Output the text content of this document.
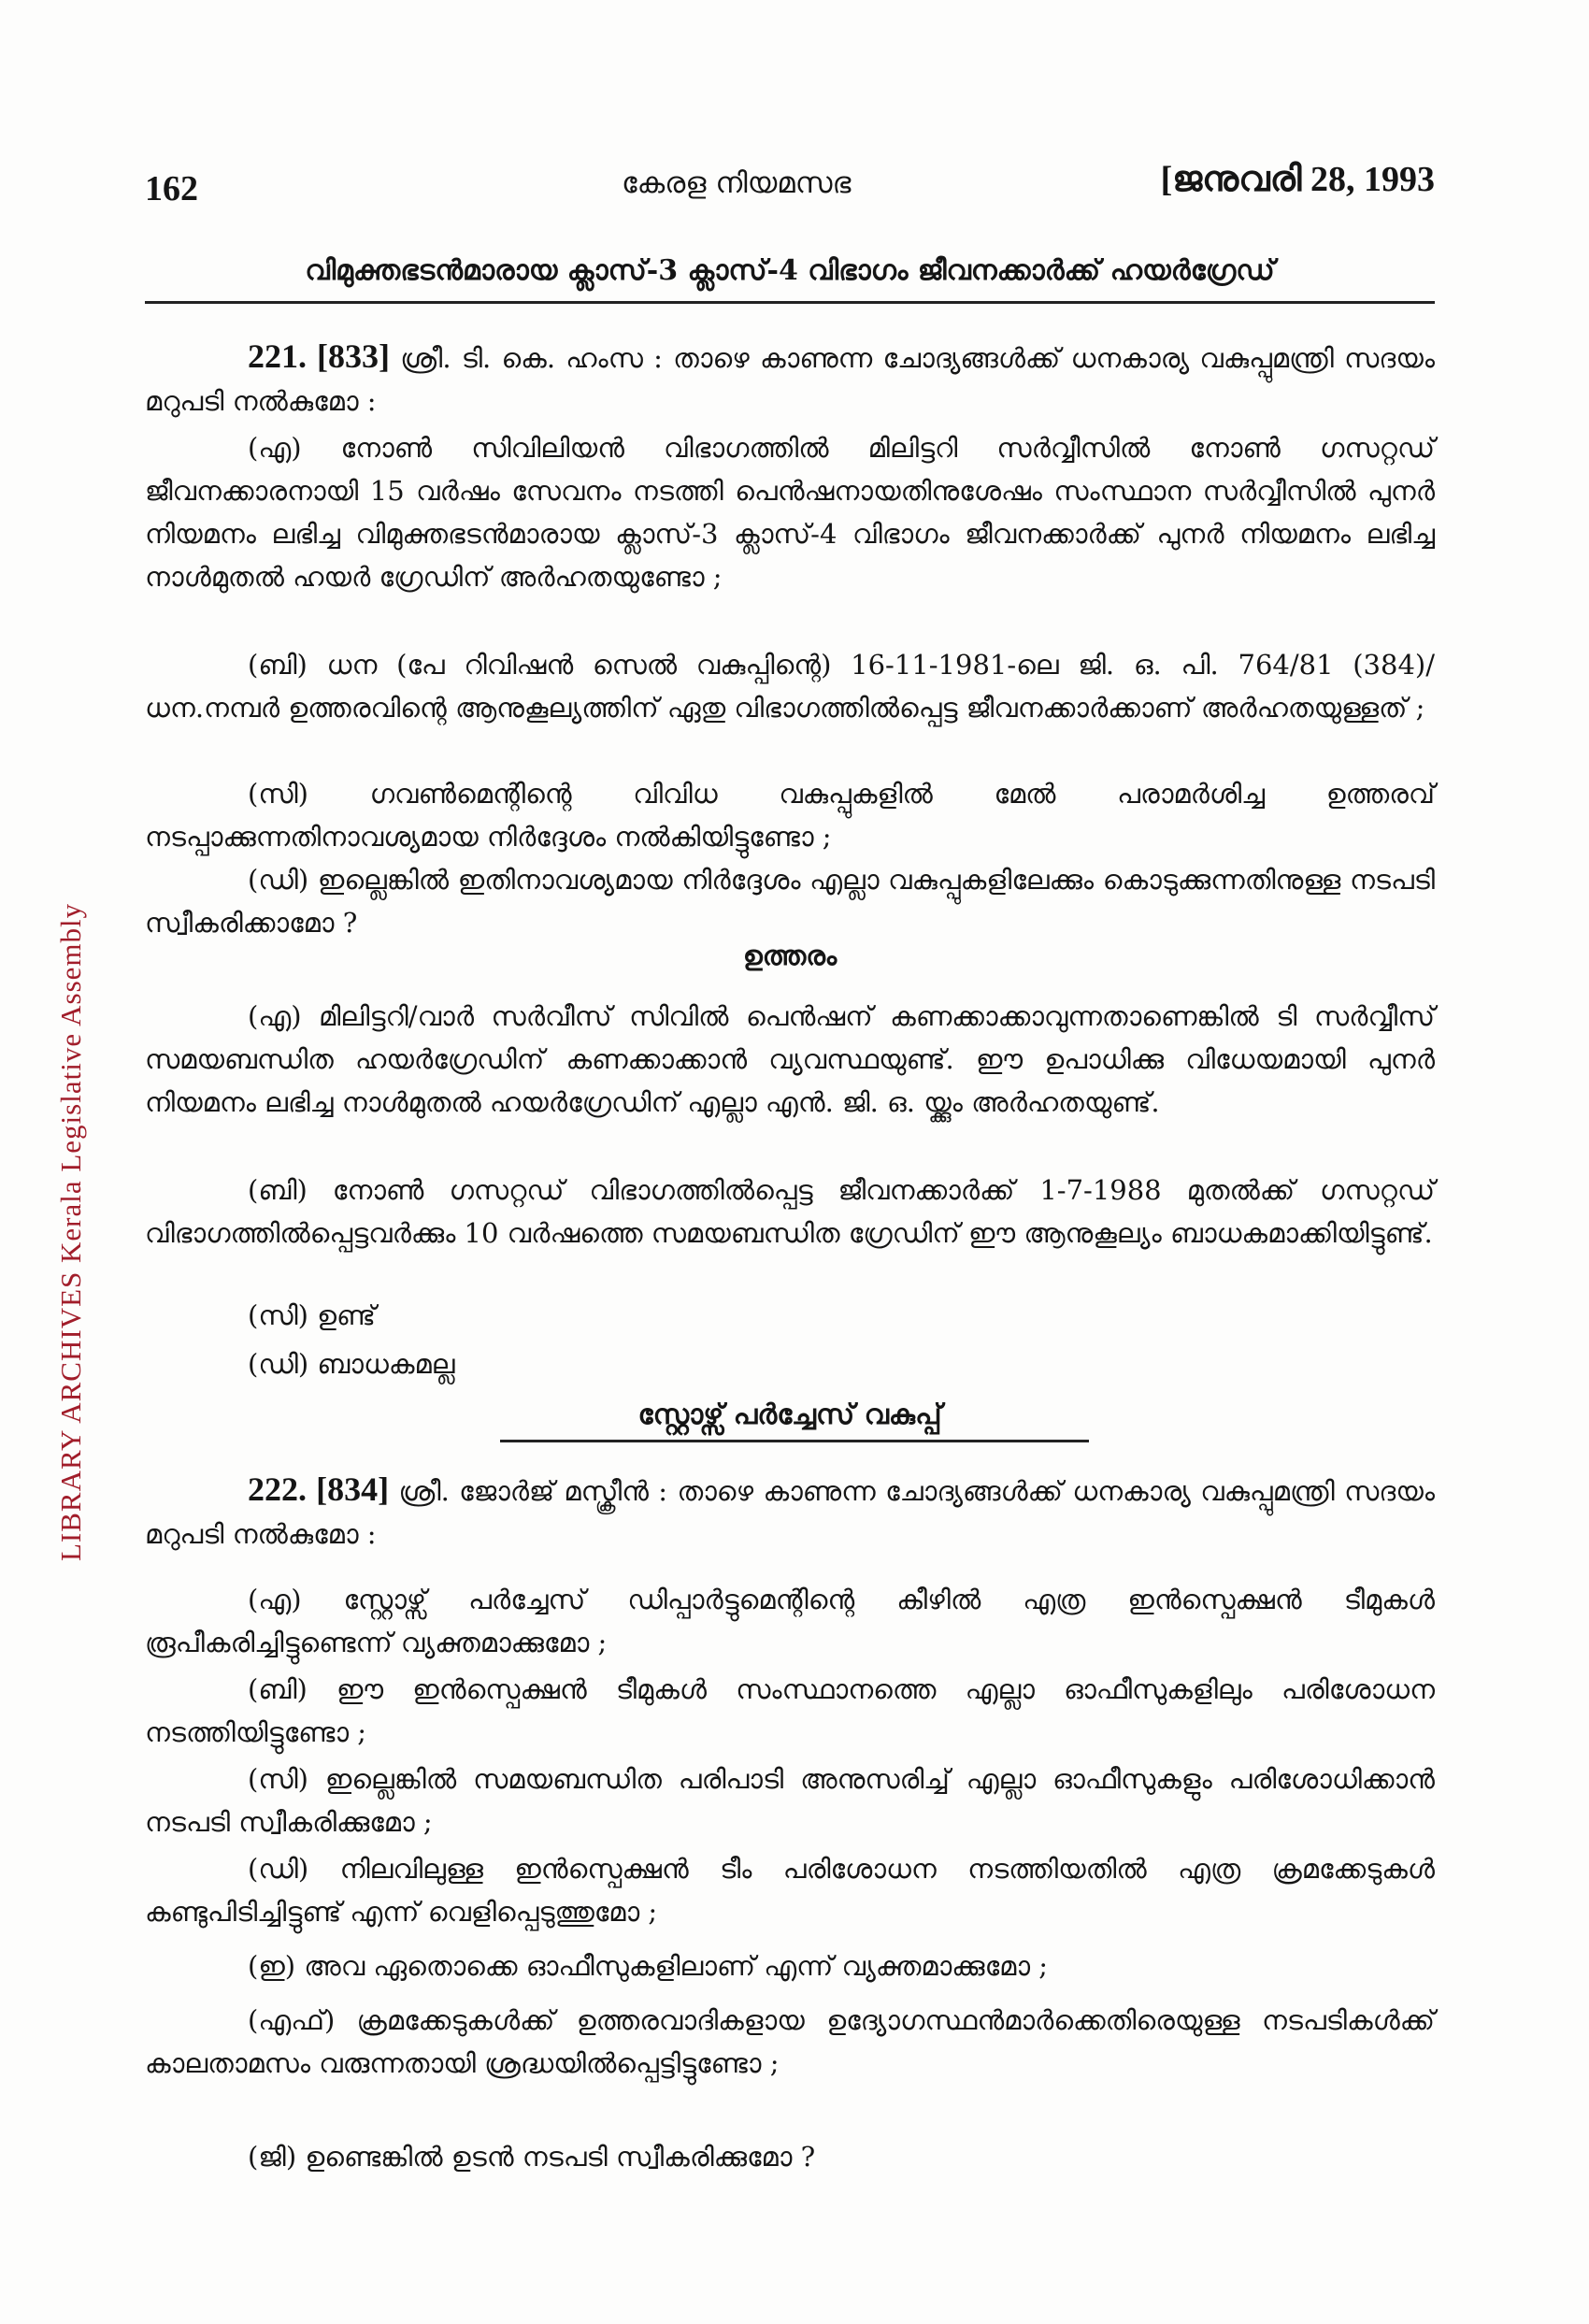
LIBRARY ARCHIVES Kerala Legislative Assembly
162	കേരള നിയമസഭ	[ജനുവരി 28, 1993
വിമുക്തഭടൻമാരായ ക്ലാസ്-3 ക്ലാസ്-4 വിഭാഗം ജീവനക്കാർക്ക് ഹയർഗ്രേഡ്
221. [833] ശ്രീ. ടി. കെ. ഹംസ : താഴെ കാണുന്ന ചോദ്യങ്ങൾക്ക് ധനകാര്യ വകുപ്പുമന്ത്രി സദയം മറുപടി നൽകുമോ :
(എ) നോൺ സിവിലിയൻ വിഭാഗത്തിൽ മിലിട്ടറി സർവ്വീസിൽ നോൺ ഗസറ്റഡ് ജീവനക്കാരനായി 15 വർഷം സേവനം നടത്തി പെൻഷനായതിനുശേഷം സംസ്ഥാന സർവ്വീസിൽ പുനർ നിയമനം ലഭിച്ച വിമുക്തഭടൻമാരായ ക്ലാസ്-3 ക്ലാസ്-4 വിഭാഗം ജീവനക്കാർക്ക് പുനർ നിയമനം ലഭിച്ച നാൾമുതൽ ഹയർ ഗ്രേഡിന് അർഹതയുണ്ടോ ;
(ബി) ധന (പേ റിവിഷൻ സെൽ വകുപ്പിന്റെ) 16-11-1981-ലെ ജി. ഒ. പി. 764/81 (384)/ധന.നമ്പർ ഉത്തരവിന്റെ ആനുകൂല്യത്തിന് ഏതു വിഭാഗത്തിൽപ്പെട്ട ജീവനക്കാർക്കാണ് അർഹതയുള്ളത് ;
(സി) ഗവൺമെന്റിന്റെ വിവിധ വകുപ്പുകളിൽ മേൽ പരാമർശിച്ച ഉത്തരവ് നടപ്പാക്കുന്നതിനാവശ്യമായ നിർദ്ദേശം നൽകിയിട്ടുണ്ടോ ;
(ഡി) ഇല്ലെങ്കിൽ ഇതിനാവശ്യമായ നിർദ്ദേശം എല്ലാ വകുപ്പുകളിലേക്കും കൊടുക്കുന്നതിനുള്ള നടപടി സ്വീകരിക്കാമോ ?
ഉത്തരം
(എ) മിലിട്ടറി/വാർ സർവീസ് സിവിൽ പെൻഷന് കണക്കാക്കാവുന്നതാണെങ്കിൽ ടി സർവ്വീസ് സമയബന്ധിത ഹയർഗ്രേഡിന് കണക്കാക്കാൻ വ്യവസ്ഥയുണ്ട്. ഈ ഉപാധിക്കു വിധേയമായി പുനർ നിയമനം ലഭിച്ച നാൾമുതൽ ഹയർഗ്രേഡിന് എല്ലാ എൻ. ജി. ഒ. യ്ക്കും അർഹതയുണ്ട്.
(ബി) നോൺ ഗസറ്റഡ് വിഭാഗത്തിൽപ്പെട്ട ജീവനക്കാർക്ക് 1-7-1988 മുതൽക്ക് ഗസറ്റഡ് വിഭാഗത്തിൽപ്പെട്ടവർക്കും 10 വർഷത്തെ സമയബന്ധിത ഗ്രേഡിന് ഈ ആനുകൂല്യം ബാധകമാക്കിയിട്ടുണ്ട്.
(സി) ഉണ്ട്
(ഡി) ബാധകമല്ല
സ്റ്റോഴ്സ് പർച്ചേസ് വകുപ്പ്
222. [834] ശ്രീ. ജോർജ് മസ്ക്രീൻ : താഴെ കാണുന്ന ചോദ്യങ്ങൾക്ക് ധനകാര്യ വകുപ്പുമന്ത്രി സദയം മറുപടി നൽകുമോ :
(എ) സ്റ്റോഴ്സ് പർച്ചേസ് ഡിപ്പാർട്ടുമെന്റിന്റെ കീഴിൽ എത്ര ഇൻസ്പെക്ഷൻ ടീമുകൾ രൂപീകരിച്ചിട്ടുണ്ടെന്ന് വ്യക്തമാക്കുമോ ;
(ബി) ഈ ഇൻസ്പെക്ഷൻ ടീമുകൾ സംസ്ഥാനത്തെ എല്ലാ ഓഫീസുകളിലും പരിശോധന നടത്തിയിട്ടുണ്ടോ ;
(സി) ഇല്ലെങ്കിൽ സമയബന്ധിത പരിപാടി അനുസരിച്ച് എല്ലാ ഓഫീസുകളും പരിശോധിക്കാൻ നടപടി സ്വീകരിക്കുമോ ;
(ഡി) നിലവിലുള്ള ഇൻസ്പെക്ഷൻ ടീം പരിശോധന നടത്തിയതിൽ എത്ര ക്രമക്കേടുകൾ കണ്ടുപിടിച്ചിട്ടുണ്ട് എന്ന് വെളിപ്പെടുത്തുമോ ;
(ഇ) അവ ഏതൊക്കെ ഓഫീസുകളിലാണ് എന്ന് വ്യക്തമാക്കുമോ ;
(എഫ്) ക്രമക്കേടുകൾക്ക് ഉത്തരവാദികളായ ഉദ്യോഗസ്ഥൻമാർക്കെതിരെയുള്ള നടപടികൾക്ക് കാലതാമസം വരുന്നതായി ശ്രദ്ധയിൽപ്പെട്ടിട്ടുണ്ടോ ;
(ജി) ഉണ്ടെങ്കിൽ ഉടൻ നടപടി സ്വീകരിക്കുമോ ?
